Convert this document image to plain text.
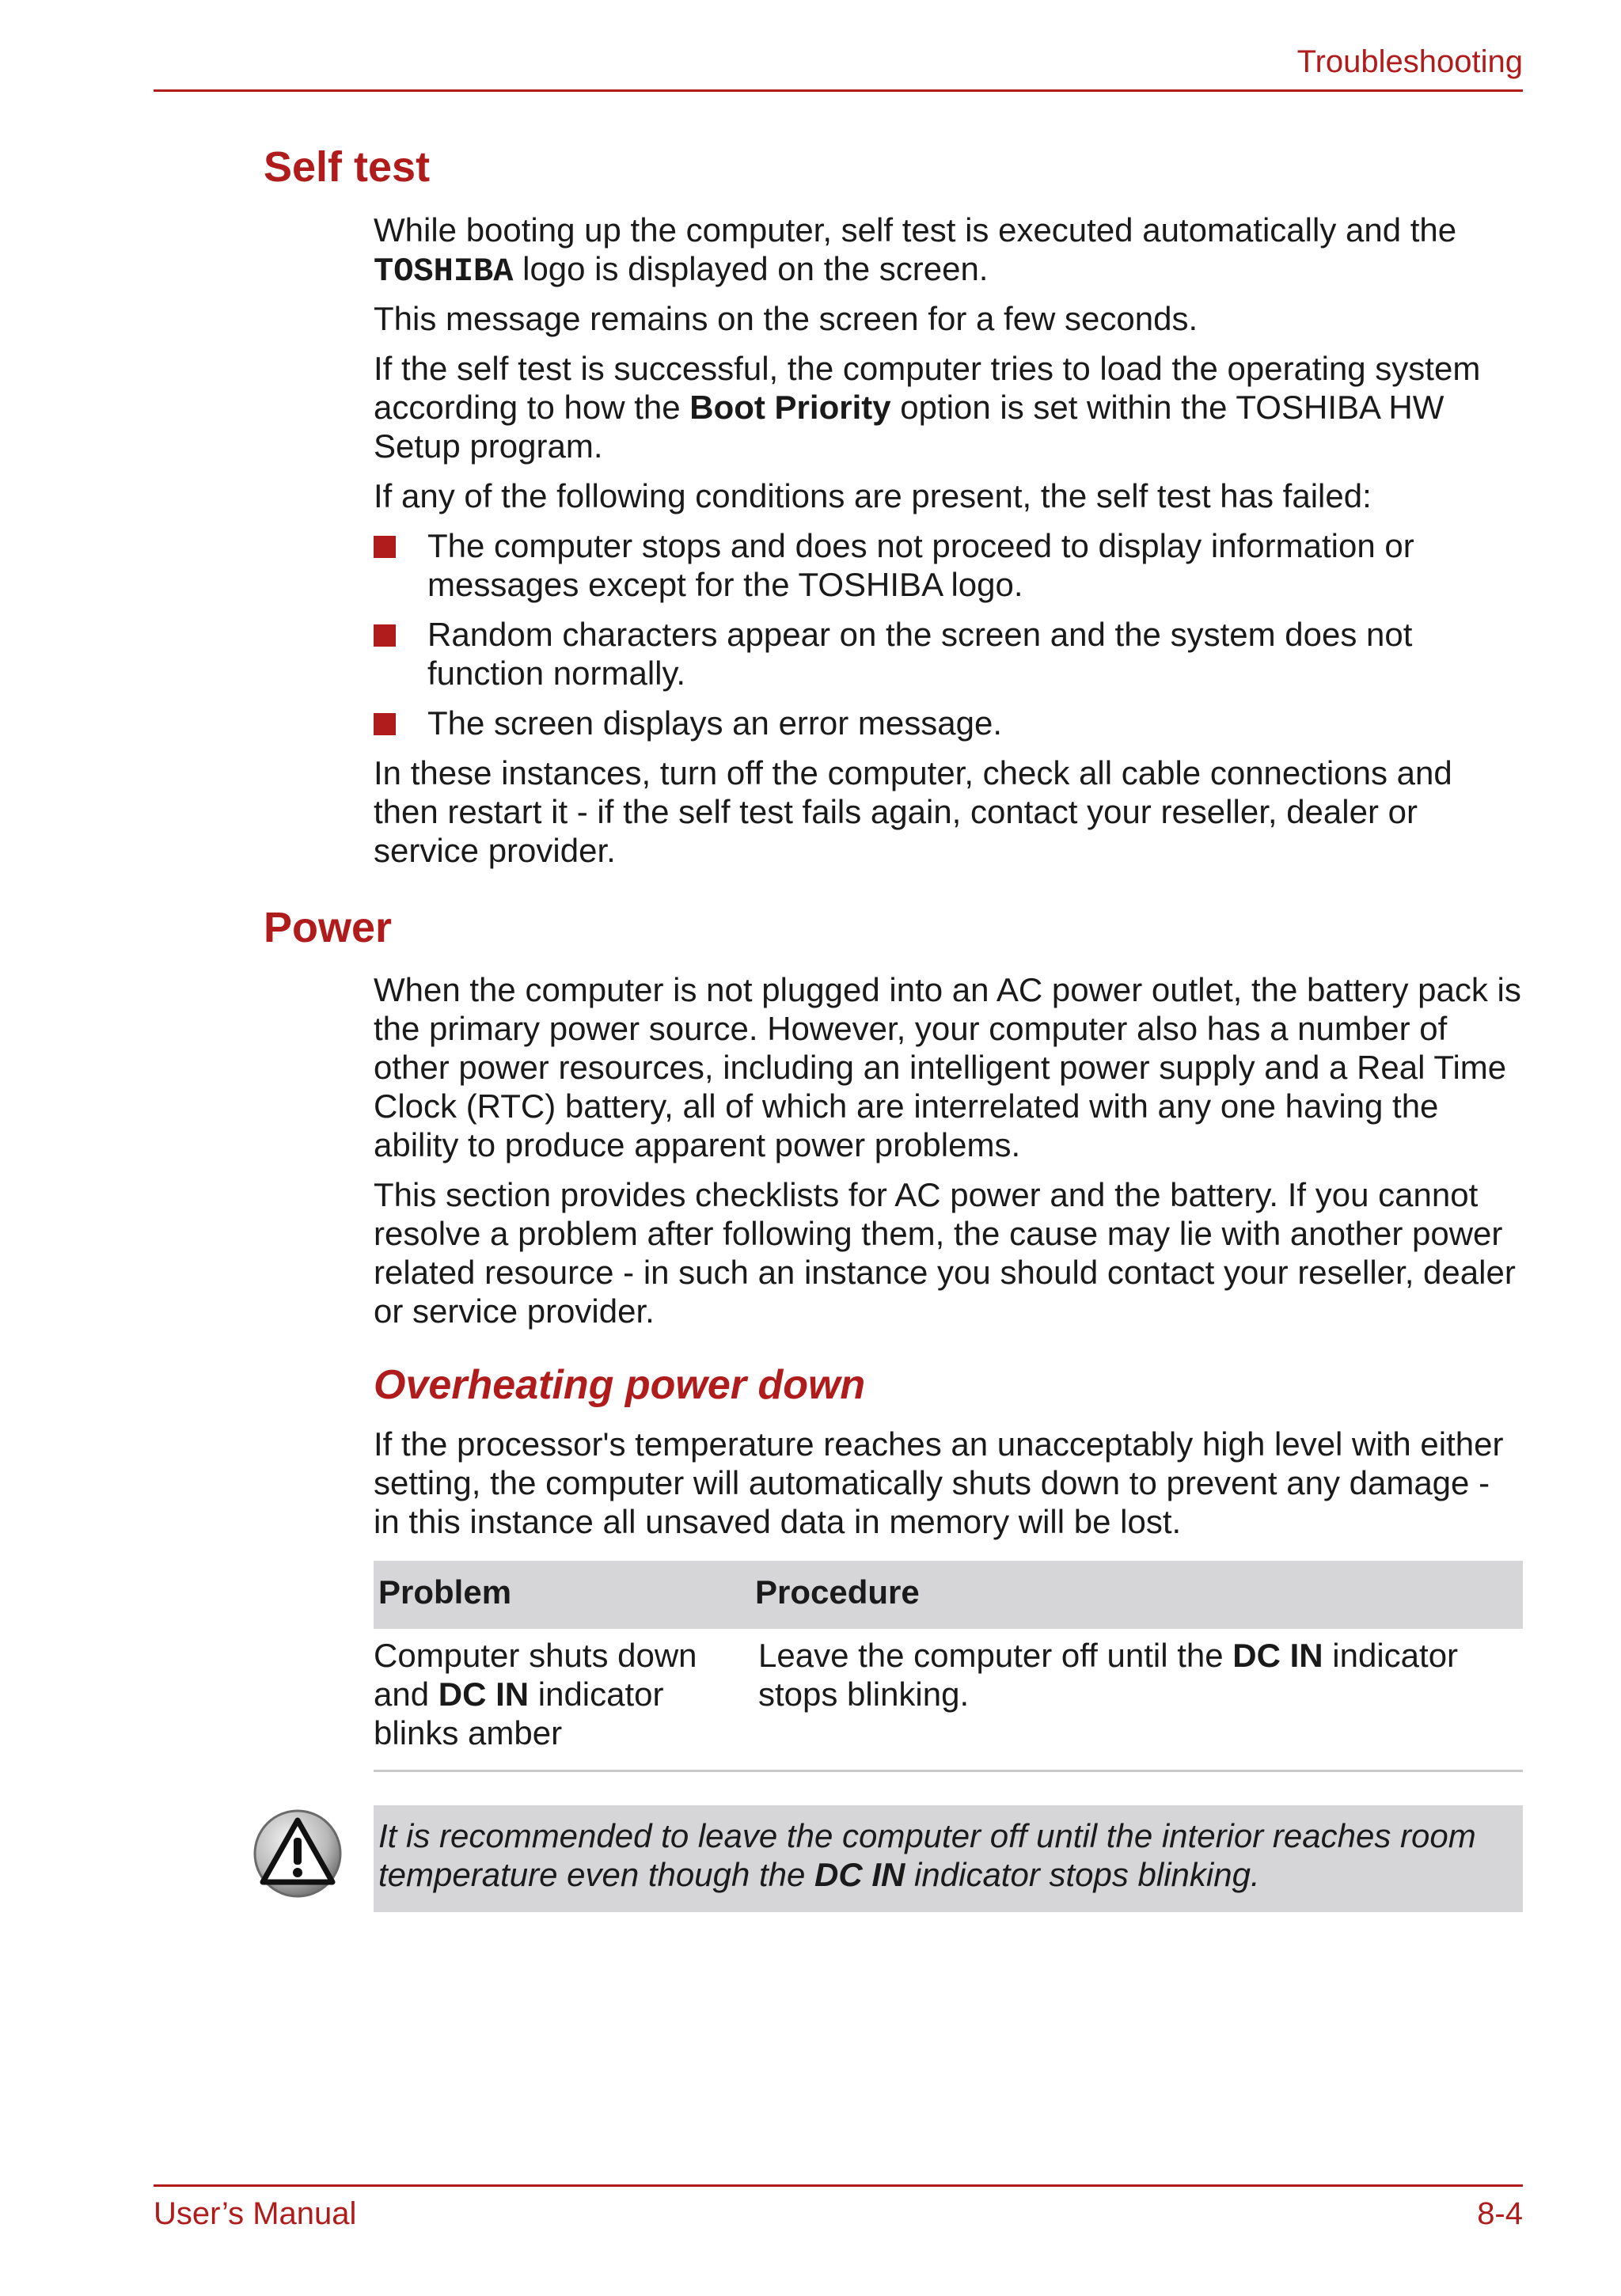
Troubleshooting
Self test

While booting up the computer, self test is executed automatically and the TOSHIBA logo is displayed on the screen.

This message remains on the screen for a few seconds.

If the self test is successful, the computer tries to load the operating system according to how the Boot Priority option is set within the TOSHIBA HW Setup program.

If any of the following conditions are present, the self test has failed:

The computer stops and does not proceed to display information or messages except for the TOSHIBA logo.
Random characters appear on the screen and the system does not function normally.
The screen displays an error message.

In these instances, turn off the computer, check all cable connections and then restart it - if the self test fails again, contact your reseller, dealer or service provider.

Power

When the computer is not plugged into an AC power outlet, the battery pack is the primary power source. However, your computer also has a number of other power resources, including an intelligent power supply and a Real Time Clock (RTC) battery, all of which are interrelated with any one having the ability to produce apparent power problems.

This section provides checklists for AC power and the battery. If you cannot resolve a problem after following them, the cause may lie with another power related resource - in such an instance you should contact your reseller, dealer or service provider.

Overheating power down

If the processor's temperature reaches an unacceptably high level with either setting, the computer will automatically shuts down to prevent any damage - in this instance all unsaved data in memory will be lost.

Problem	Procedure

Computer shuts down and DC IN indicator blinks amber

Leave the computer off until the DC IN indicator stops blinking.

It is recommended to leave the computer off until the interior reaches room temperature even though the DC IN indicator stops blinking.

User’s Manual	8-4
